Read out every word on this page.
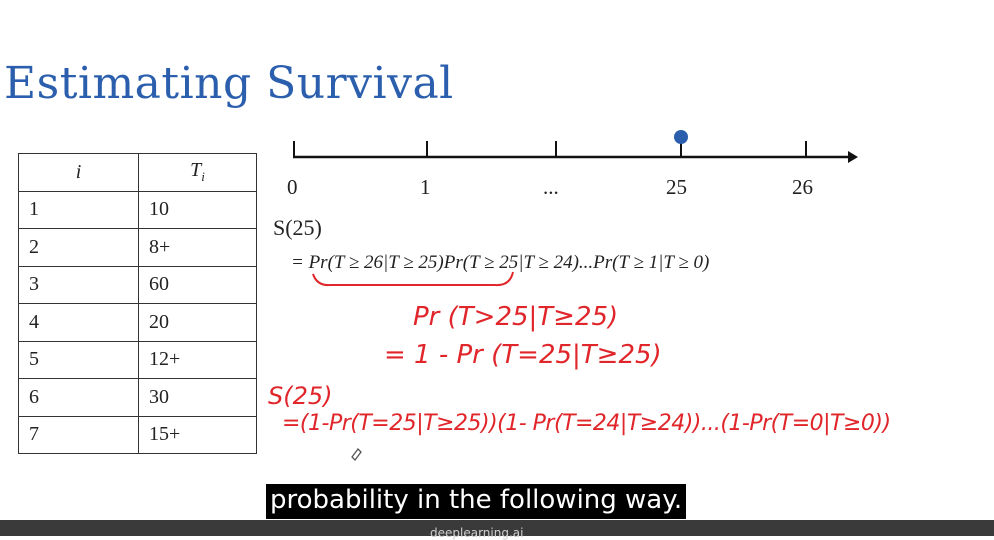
Estimating Survival
i	$T_i$
1	10
2	8+
3	60
4	20
5	12+
6	30
7	15+
0	1	...	25	26
S(25)
= Pr(T ≥ 26|T ≥ 25)Pr(T ≥ 25|T ≥ 24)...Pr(T ≥ 1|T ≥ 0)
Pr (T>25|T≥25)
= 1 - Pr (T=25|T≥25)
S(25)
=(1-Pr(T=25|T≥25))(1- Pr(T=24|T≥24))...(1-Pr(T=0|T≥0))
probability in the following way.
deeplearning.ai
